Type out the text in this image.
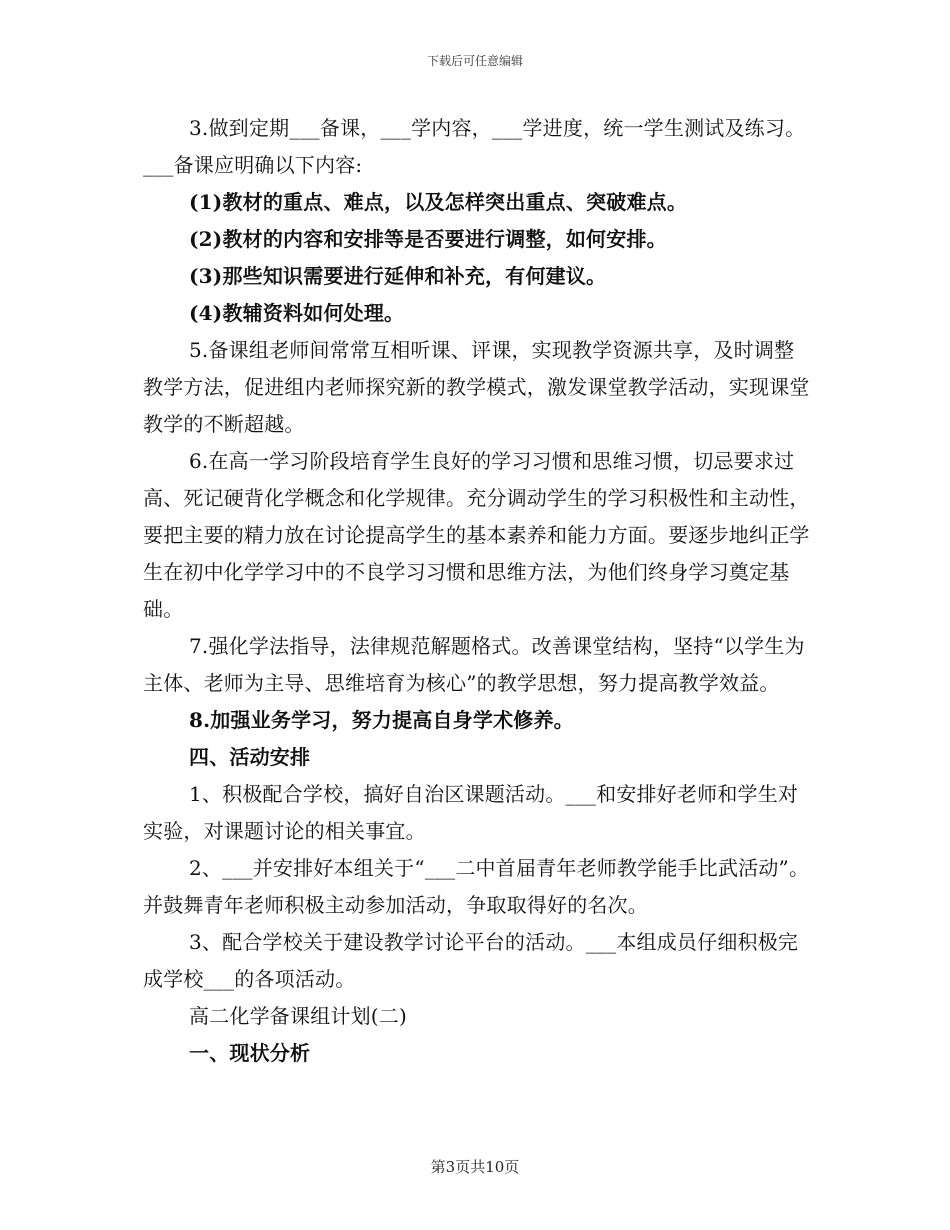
下载后可任意编辑

3.做到定期___备课，___学内容，___学进度，统一学生测试及练习。___备课应明确以下内容:

(1)教材的重点、难点，以及怎样突出重点、突破难点。

(2)教材的内容和安排等是否要进行调整，如何安排。

(3)那些知识需要进行延伸和补充，有何建议。

(4)教辅资料如何处理。

5.备课组老师间常常互相听课、评课，实现教学资源共享，及时调整教学方法，促进组内老师探究新的教学模式，激发课堂教学活动，实现课堂教学的不断超越。

6.在高一学习阶段培育学生良好的学习习惯和思维习惯，切忌要求过高、死记硬背化学概念和化学规律。充分调动学生的学习积极性和主动性，要把主要的精力放在讨论提高学生的基本素养和能力方面。要逐步地纠正学生在初中化学学习中的不良学习习惯和思维方法，为他们终身学习奠定基础。

7.强化学法指导，法律规范解题格式。改善课堂结构，坚持“以学生为主体、老师为主导、思维培育为核心”的教学思想，努力提高教学效益。

8.加强业务学习，努力提高自身学术修养。

四、活动安排

1、积极配合学校，搞好自治区课题活动。___和安排好老师和学生对实验，对课题讨论的相关事宜。

2、___并安排好本组关于“___二中首届青年老师教学能手比武活动”。并鼓舞青年老师积极主动参加活动，争取取得好的名次。

3、配合学校关于建设教学讨论平台的活动。___本组成员仔细积极完成学校___的各项活动。

高二化学备课组计划(二)

一、现状分析

第3页共10页
